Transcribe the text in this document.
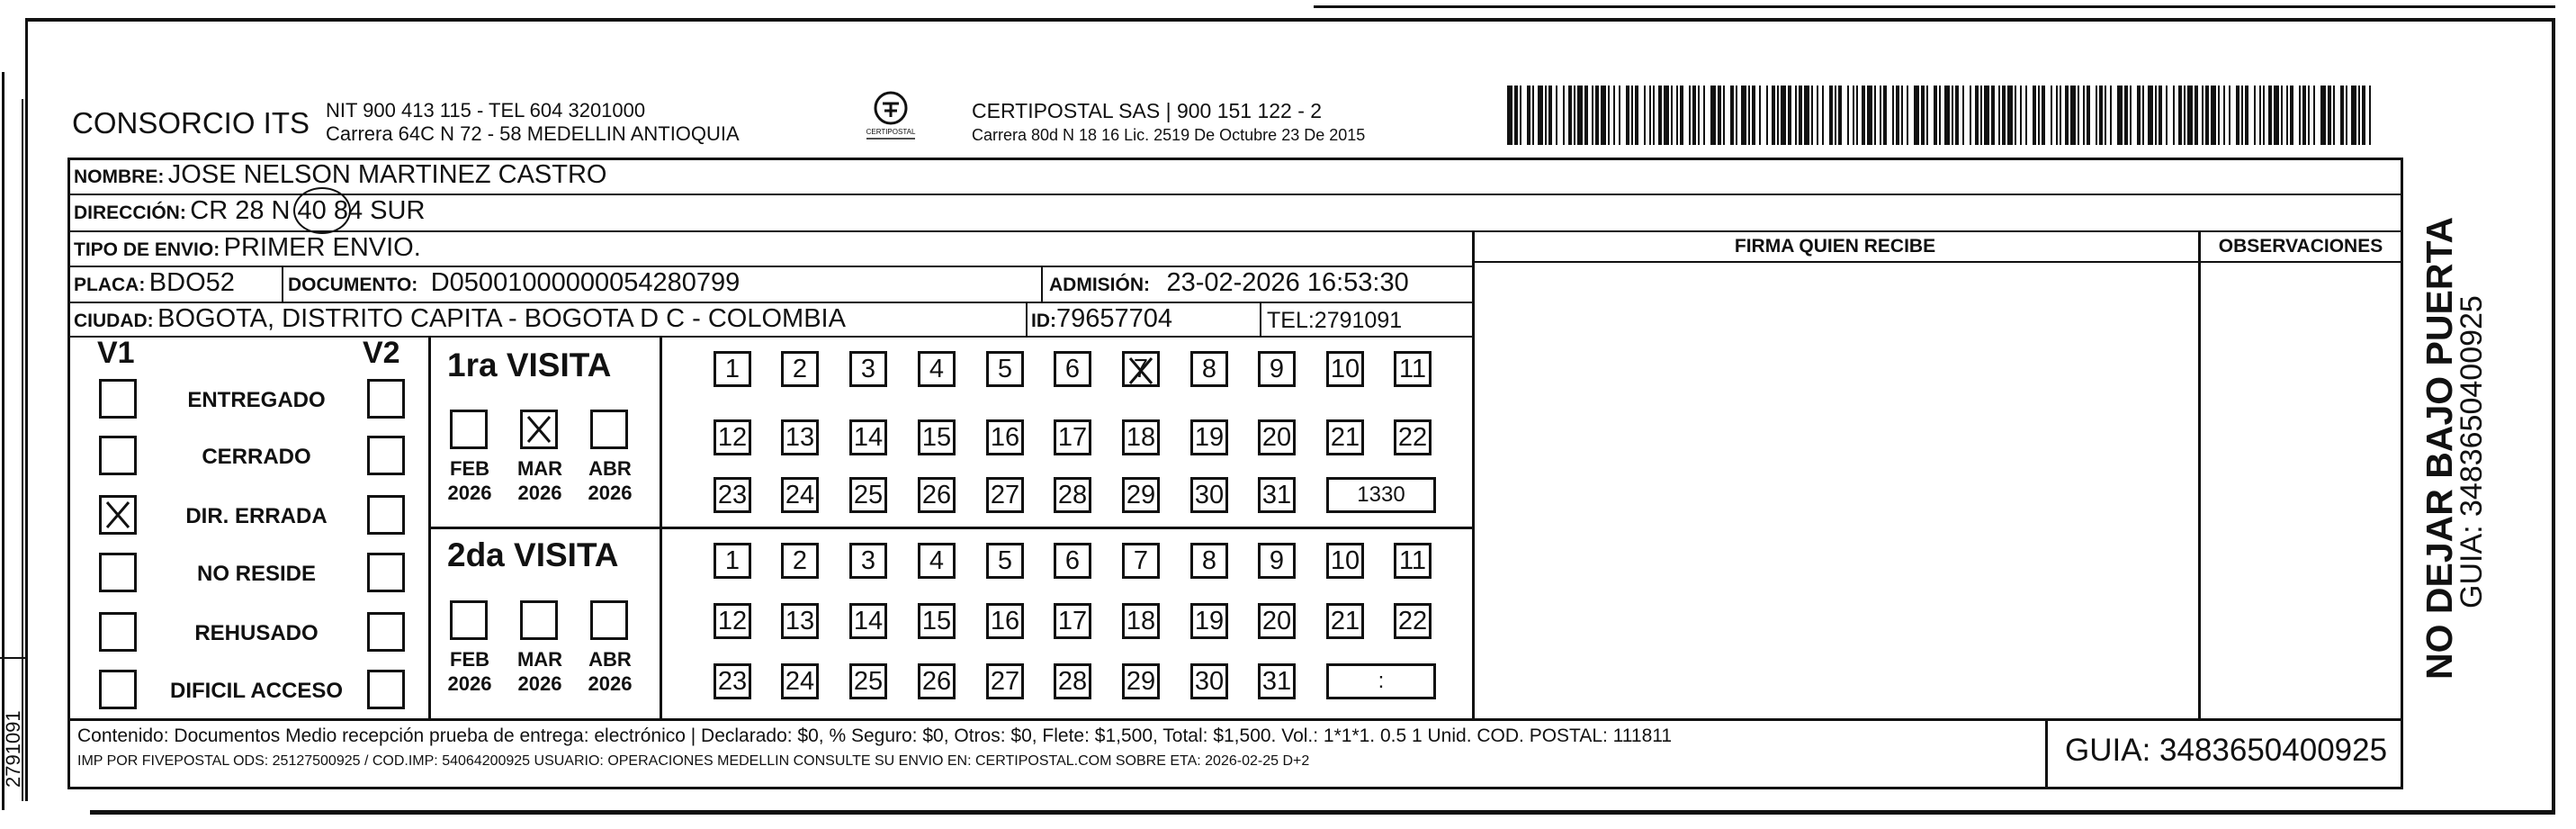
CONSORCIO ITS NIT 900 413 115 - TEL 604 3201000
Carrera 64C N 72 - 58 MEDELLIN ANTIOQUIA	CERTIPOSTAL
CERTIPOSTAL SAS | 900 151 122 - 2
Carrera 80d N 18 16 Lic. 2519 De Octubre 23 De 2015
NOMBRE: JOSE NELSON MARTINEZ CASTRO
DIRECCIÓN: CR 28 N 40 84 SUR
TIPO DE ENVIO: PRIMER ENVIO.
PLACA: BDO52	DOCUMENTO: D05001000000054280799	ADMISIÓN: 23-02-2026 16:53:30
CIUDAD: BOGOTA, DISTRITO CAPITA - BOGOTA D C - COLOMBIA	ID:79657704	TEL:2791091
FIRMA QUIEN RECIBE	OBSERVACIONES
V1	V2
ENTREGADO
CERRADO
DIR. ERRADA
NO RESIDE
REHUSADO
DIFICIL ACCESO
1ra VISITA
2da VISITA
FEB
2026
MAR
2026
ABR
2026
FEB
2026
MAR
2026
ABR
2026
1 2 3 4 5 6 7 8 9 10 11
12 13 14 15 16 17 18 19 20 21 22
23 24 25 26 27 28 29 30 31	1330
1 2 3 4 5 6 7 8 9 10 11
12 13 14 15 16 17 18 19 20 21 22
23 24 25 26 27 28 29 30 31	:
Contenido: Documentos Medio recepción prueba de entrega: electrónico | Declarado: $0, % Seguro: $0, Otros: $0, Flete: $1,500, Total: $1,500. Vol.: 1*1*1. 0.5 1 Unid. COD. POSTAL: 111811
IMP POR FIVEPOSTAL ODS: 25127500925 / COD.IMP: 54064200925 USUARIO: OPERACIONES MEDELLIN CONSULTE SU ENVIO EN: CERTIPOSTAL.COM SOBRE ETA: 2026-02-25 D+2	GUIA: 3483650400925
NO DEJAR BAJO PUERTA
GUIA: 3483650400925
2791091
